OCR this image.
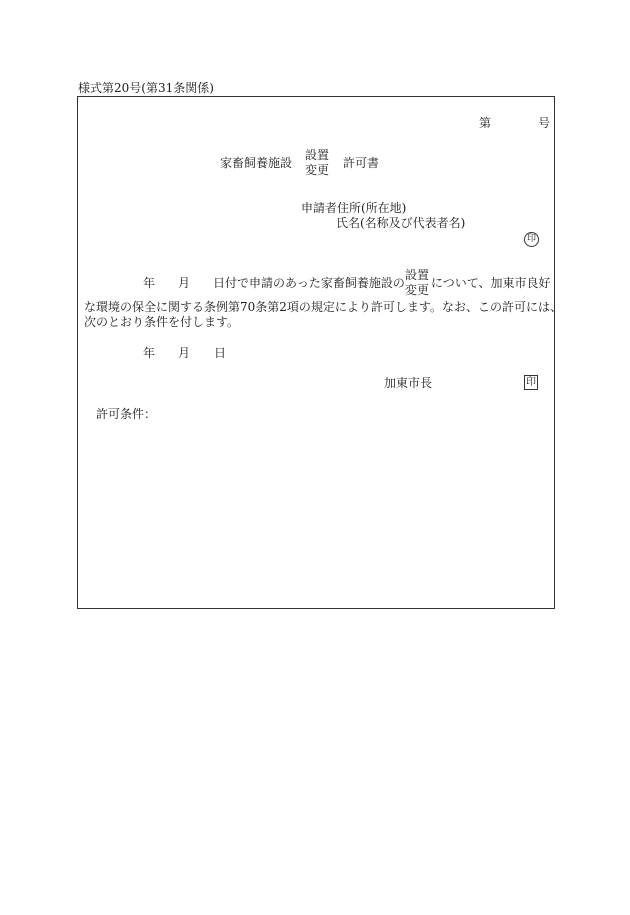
様式第20号(第31条関係)
第	号
家畜飼養施設
設置
変更 許可書
申請者住所(所在地)
氏名(名称及び代表者名)
印
年 月 日付で申請のあった家畜飼養施設の
設置
変更 について、加東市良好
な環境の保全に関する条例第70条第2項の規定により許可します。なお、この許可には、
次のとおり条件を付します。
年 月 日
加東市長	印
許可条件：
